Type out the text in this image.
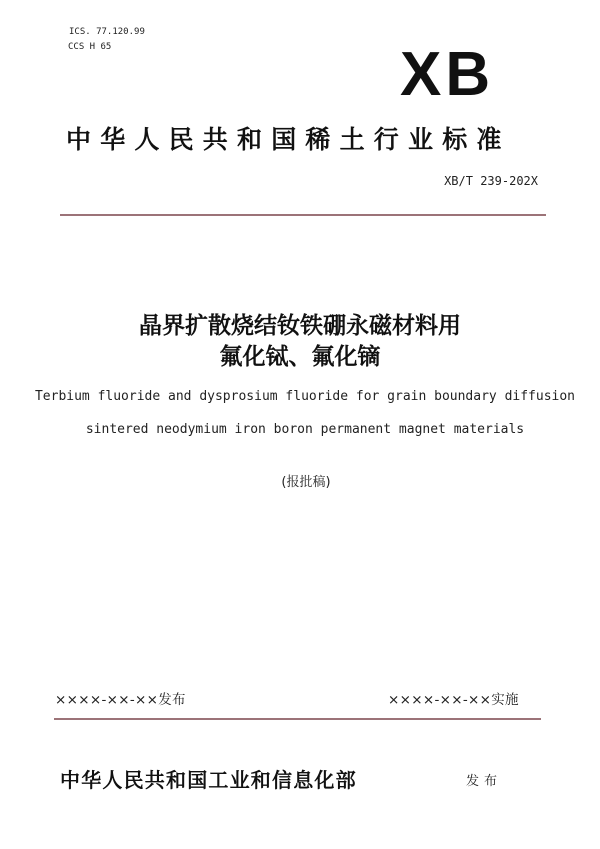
ICS. 77.120.99
CCS H 65	XB
中华人民共和国稀土行业标准
XB/T 239-202X
晶界扩散烧结钕铁硼永磁材料用
氟化铽、氟化镝
Terbium fluoride and dysprosium fluoride for grain boundary diffusion
sintered neodymium iron boron permanent magnet materials
(报批稿)
××××-××-××发布	××××-××-××实施
中华人民共和国工业和信息化部	发布
